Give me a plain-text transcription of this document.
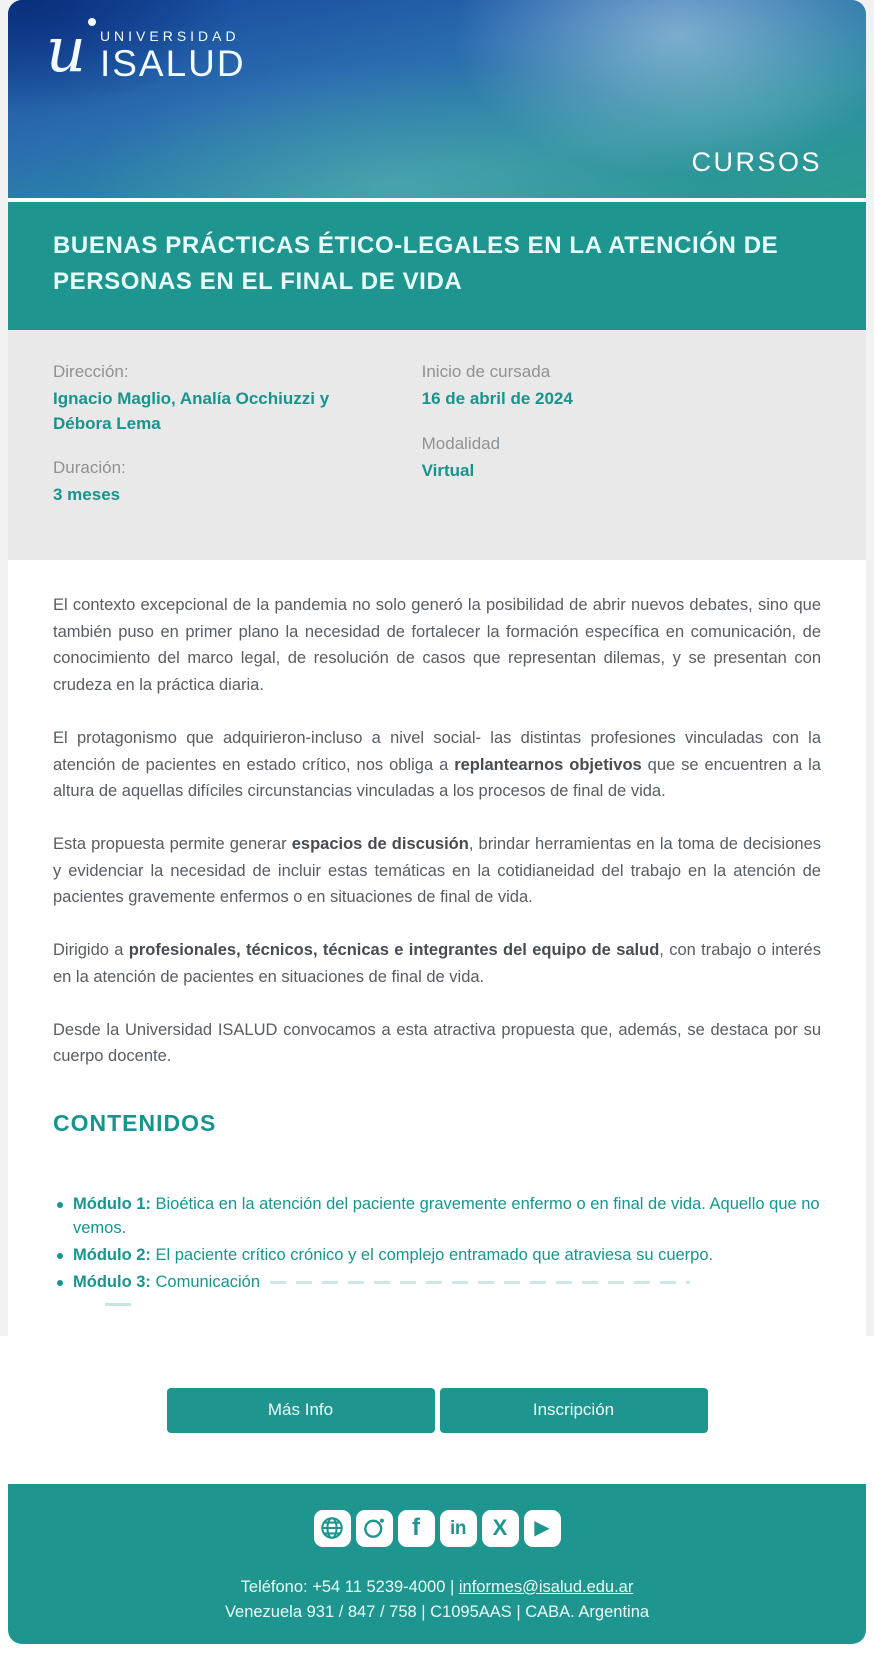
u	UNIVERSIDAD
ISALUD
CURSOS
BUENAS PRÁCTICAS ÉTICO-LEGALES EN LA ATENCIÓN DE PERSONAS EN EL FINAL DE VIDA
Dirección:
Ignacio Maglio, Analía Occhiuzzi y Débora Lema
Duración:
3 meses
Inicio de cursada
16 de abril de 2024
Modalidad
Virtual

El contexto excepcional de la pandemia no solo generó la posibilidad de abrir nuevos debates, sino que también puso en primer plano la necesidad de fortalecer la formación específica en comunicación, de conocimiento del marco legal, de resolución de casos que representan dilemas, y se presentan con crudeza en la práctica diaria.

El protagonismo que adquirieron-incluso a nivel social- las distintas profesiones vinculadas con la atención de pacientes en estado crítico, nos obliga a replantearnos objetivos que se encuentren a la altura de aquellas difíciles circunstancias vinculadas a los procesos de final de vida.

Esta propuesta permite generar espacios de discusión, brindar herramientas en la toma de decisiones y evidenciar la necesidad de incluir estas temáticas en la cotidianeidad del trabajo en la atención de pacientes gravemente enfermos o en situaciones de final de vida.

Dirigido a profesionales, técnicos, técnicas e integrantes del equipo de salud, con trabajo o interés en la atención de pacientes en situaciones de final de vida.

Desde la Universidad ISALUD convocamos a esta atractiva propuesta que, además, se destaca por su cuerpo docente.

CONTENIDOS
Módulo 1: Bioética en la atención del paciente gravemente enfermo o en final de vida. Aquello que no vemos.
Módulo 2: El paciente crítico crónico y el complejo entramado que atraviesa su cuerpo.
Módulo 3: Comunicación
Más Info	Inscripción
f in X ▶
Teléfono: +54 11 5239-4000 | informes@isalud.edu.ar
Venezuela 931 / 847 / 758 | C1095AAS | CABA. Argentina
